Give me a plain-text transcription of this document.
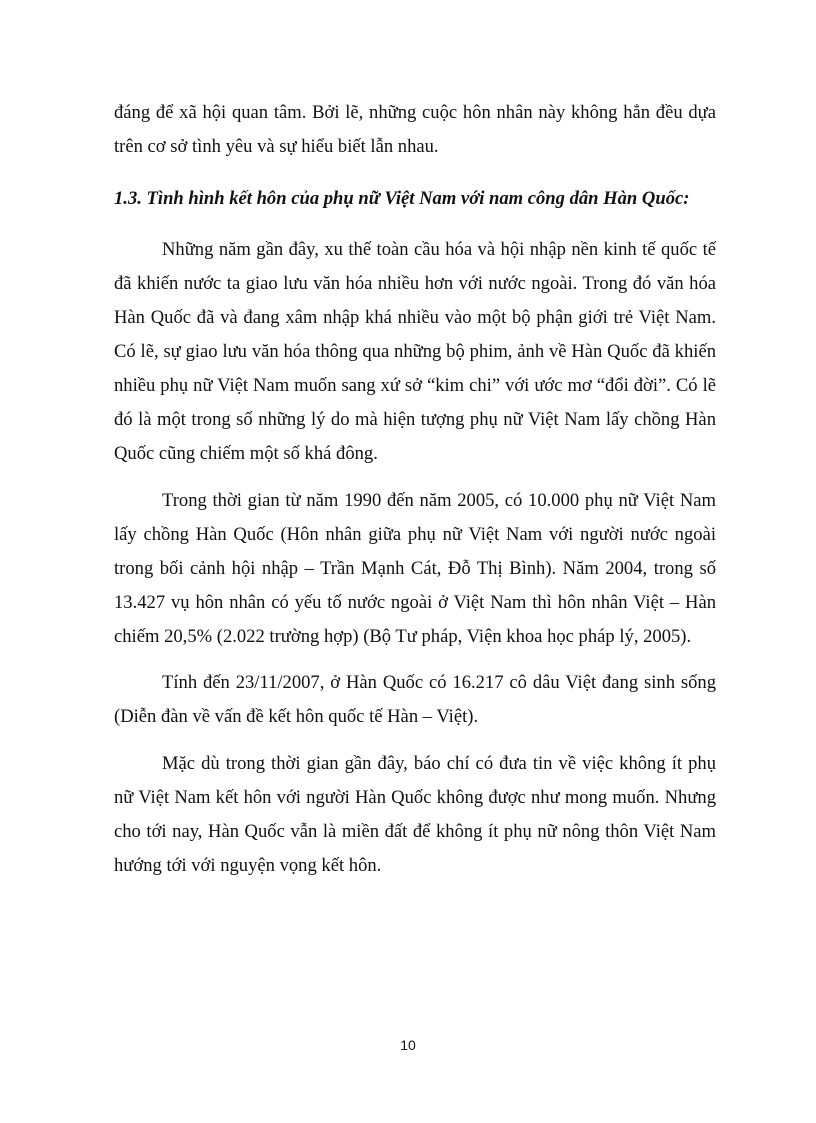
đáng để xã hội quan tâm. Bởi lẽ, những cuộc hôn nhân này không hẳn đều dựa trên cơ sở tình yêu và sự hiểu biết lẫn nhau.

1.3. Tình hình kết hôn của phụ nữ Việt Nam với nam công dân Hàn Quốc:

Những năm gần đây, xu thế toàn cầu hóa và hội nhập nền kinh tế quốc tế đã khiến nước ta giao lưu văn hóa nhiều hơn với nước ngoài. Trong đó văn hóa Hàn Quốc đã và đang xâm nhập khá nhiều vào một bộ phận giới trẻ Việt Nam. Có lẽ, sự giao lưu văn hóa thông qua những bộ phim, ảnh về Hàn Quốc đã khiến nhiều phụ nữ Việt Nam muốn sang xứ sở “kim chi” với ước mơ “đổi đời”. Có lẽ đó là một trong số những lý do mà hiện tượng phụ nữ Việt Nam lấy chồng Hàn Quốc cũng chiếm một số khá đông.

Trong thời gian từ năm 1990 đến năm 2005, có 10.000 phụ nữ Việt Nam lấy chồng Hàn Quốc (Hôn nhân giữa phụ nữ Việt Nam với người nước ngoài trong bối cảnh hội nhập – Trần Mạnh Cát, Đỗ Thị Bình). Năm 2004, trong số 13.427 vụ hôn nhân có yếu tố nước ngoài ở Việt Nam thì hôn nhân Việt – Hàn chiếm 20,5% (2.022 trường hợp) (Bộ Tư pháp, Viện khoa học pháp lý, 2005).

Tính đến 23/11/2007, ở Hàn Quốc có 16.217 cô dâu Việt đang sinh sống (Diễn đàn về vấn đề kết hôn quốc tế Hàn – Việt).

Mặc dù trong thời gian gần đây, báo chí có đưa tin về việc không ít phụ nữ Việt Nam kết hôn với người Hàn Quốc không được như mong muốn. Nhưng cho tới nay, Hàn Quốc vẫn là miền đất để không ít phụ nữ nông thôn Việt Nam hướng tới với nguyện vọng kết hôn.

10
